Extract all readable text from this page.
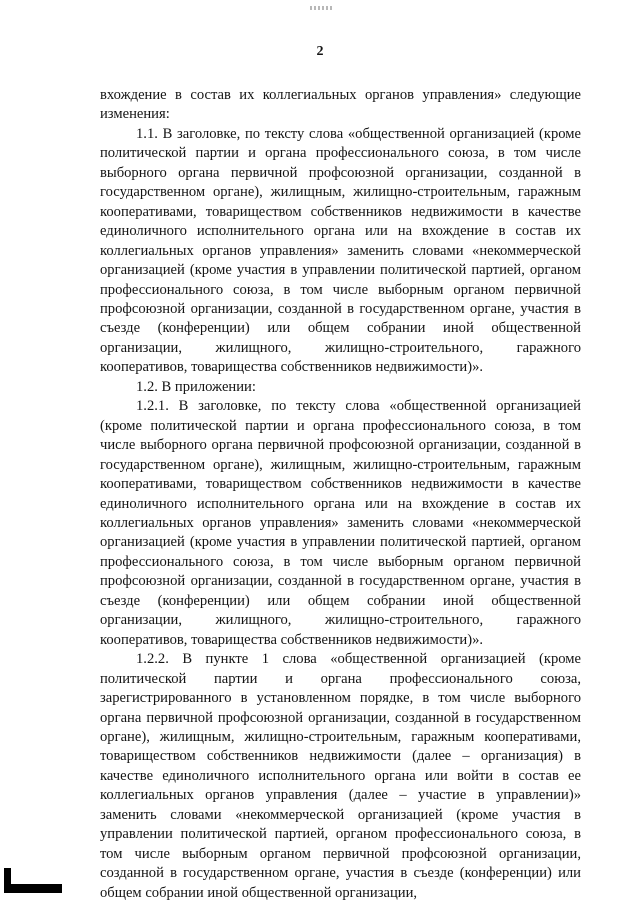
2

вхождение в состав их коллегиальных органов управления» следующие изменения:

1.1. В заголовке, по тексту слова «общественной организацией (кроме политической партии и органа профессионального союза, в том числе выборного органа первичной профсоюзной организации, созданной в государственном органе), жилищным, жилищно-строительным, гаражным кооперативами, товариществом собственников недвижимости в качестве единоличного исполнительного органа или на вхождение в состав их коллегиальных органов управления» заменить словами «некоммерческой организацией (кроме участия в управлении политической партией, органом профессионального союза, в том числе выборным органом первичной профсоюзной организации, созданной в государственном органе, участия в съезде (конференции) или общем собрании иной общественной организации, жилищного, жилищно-строительного, гаражного кооперативов, товарищества собственников недвижимости)».

1.2. В приложении:

1.2.1. В заголовке, по тексту слова «общественной организацией (кроме политической партии и органа профессионального союза, в том числе выборного органа первичной профсоюзной организации, созданной в государственном органе), жилищным, жилищно-строительным, гаражным кооперативами, товариществом собственников недвижимости в качестве единоличного исполнительного органа или на вхождение в состав их коллегиальных органов управления» заменить словами «некоммерческой организацией (кроме участия в управлении политической партией, органом профессионального союза, в том числе выборным органом первичной профсоюзной организации, созданной в государственном органе, участия в съезде (конференции) или общем собрании иной общественной организации, жилищного, жилищно-строительного, гаражного кооперативов, товарищества собственников недвижимости)».

1.2.2. В пункте 1 слова «общественной организацией (кроме политической партии и органа профессионального союза, зарегистрированного в установленном порядке, в том числе выборного органа первичной профсоюзной организации, созданной в государственном органе), жилищным, жилищно-строительным, гаражным кооперативами, товариществом собственников недвижимости (далее – организация) в качестве единоличного исполнительного органа или войти в состав ее коллегиальных органов управления (далее – участие в управлении)» заменить словами «некоммерческой организацией (кроме участия в управлении политической партией, органом профессионального союза, в том числе выборным органом первичной профсоюзной организации, созданной в государственном органе, участия в съезде (конференции) или общем собрании иной общественной организации,
